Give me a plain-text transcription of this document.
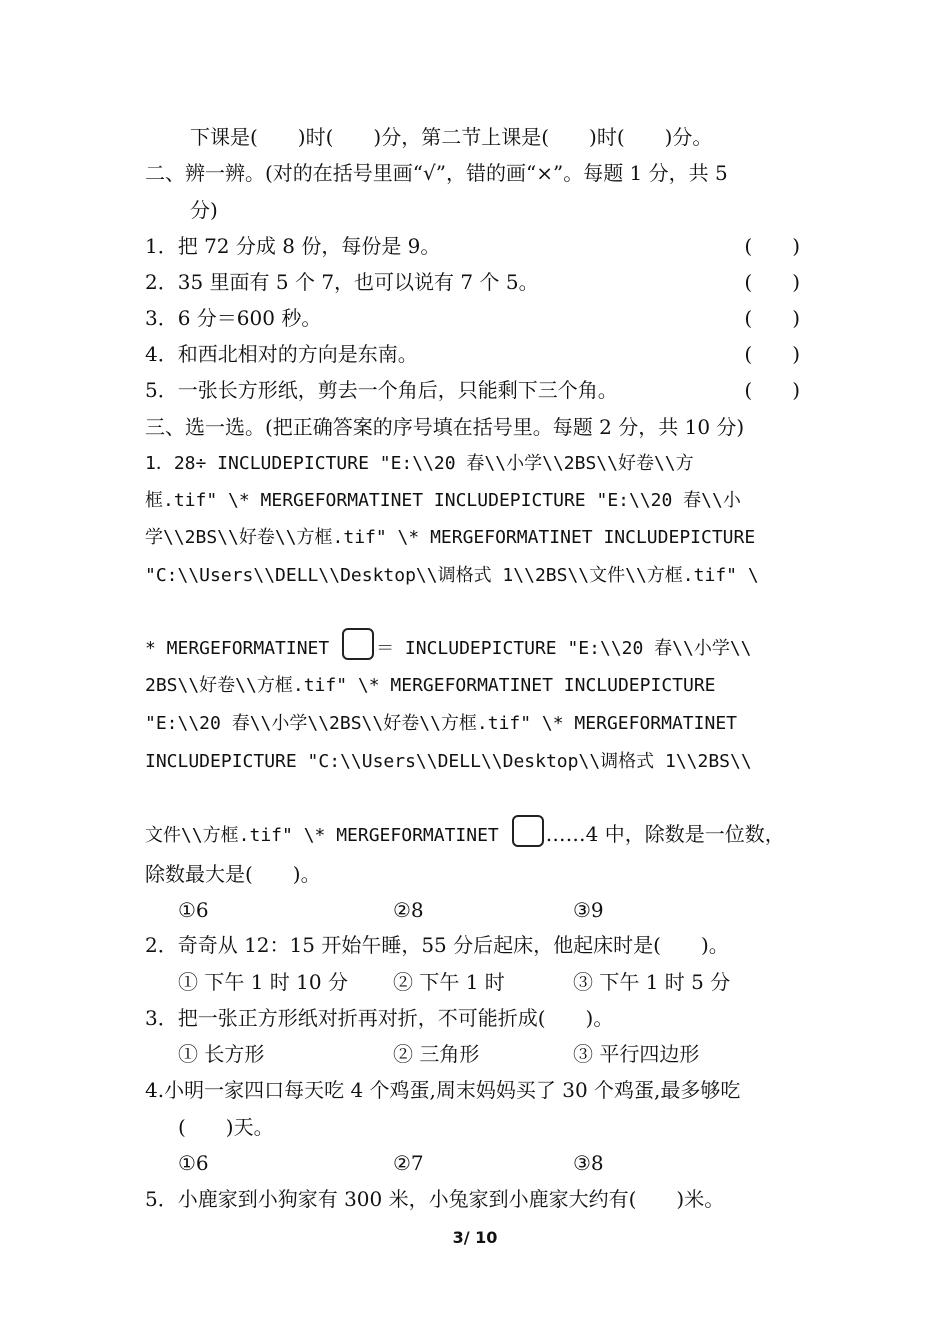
下课是(　　)时(　　)分，第二节上课是(　　)时(　　)分。
二、辨一辨。(对的在括号里画“√”，错的画“×”。每题 1 分，共 5
分)
1．把 72 分成 8 份，每份是 9。	(　　)
2．35 里面有 5 个 7，也可以说有 7 个 5。	(　　)
3．6 分＝600 秒。	(　　)
4．和西北相对的方向是东南。	(　　)
5．一张长方形纸，剪去一个角后，只能剩下三个角。	(　　)
三、选一选。(把正确答案的序号填在括号里。每题 2 分，共 10 分)
1．28÷ INCLUDEPICTURE "E:\\20 春\\小学\\2BS\\好卷\\方
框.tif" \* MERGEFORMATINET INCLUDEPICTURE "E:\\20 春\\小
学\\2BS\\好卷\\方框.tif" \* MERGEFORMATINET INCLUDEPICTURE
"C:\\Users\\DELL\\Desktop\\调格式 1\\2BS\\文件\\方框.tif" \
* MERGEFORMATINET ＝ INCLUDEPICTURE "E:\\20 春\\小学\\
2BS\\好卷\\方框.tif" \* MERGEFORMATINET INCLUDEPICTURE
"E:\\20 春\\小学\\2BS\\好卷\\方框.tif" \* MERGEFORMATINET
INCLUDEPICTURE "C:\\Users\\DELL\\Desktop\\调格式 1\\2BS\\
文件\\方框.tif" \* MERGEFORMATINET ……4 中，除数是一位数，
除数最大是(　　)。
①6	②8	③9
2．奇奇从 12：15 开始午睡，55 分后起床，他起床时是(　　)。
① 下午 1 时 10 分 ② 下午 1 时	③ 下午 1 时 5 分
3．把一张正方形纸对折再对折，不可能折成(　　)。
① 长方形	② 三角形	③ 平行四边形
4.小明一家四口每天吃 4 个鸡蛋,周末妈妈买了 30 个鸡蛋,最多够吃
(　　)天。
①6	②7	③8
5．小鹿家到小狗家有 300 米，小兔家到小鹿家大约有(　　)米。
3/ 10
